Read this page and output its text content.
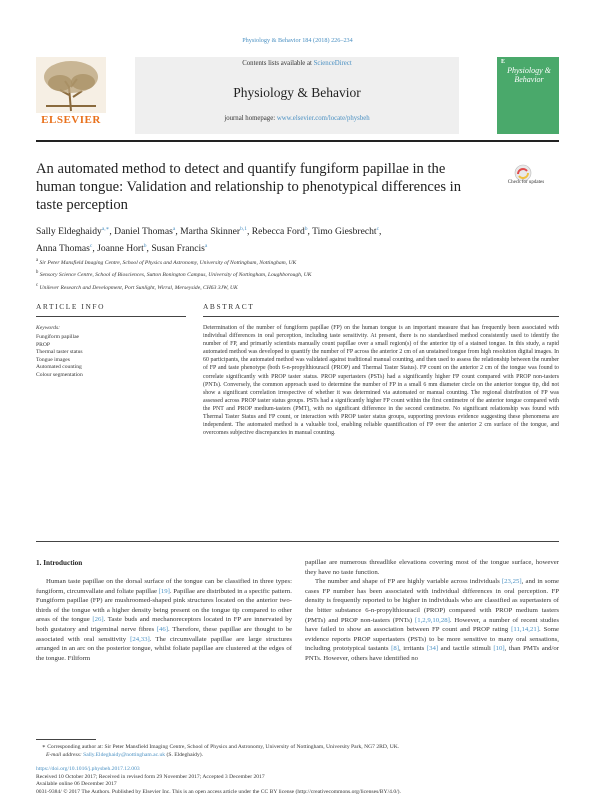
Physiology & Behavior 184 (2018) 226–234
ELSEVIER
Contents lists available at ScienceDirect
Physiology & Behavior
journal homepage: www.elsevier.com/locate/physbeh
E
Physiology & Behavior
An automated method to detect and quantify fungiform papillae in the human tongue: Validation and relationship to phenotypical differences in taste perception
Check for updates
Sally Eldeghaidy$^{a,∗}$, Daniel Thomas$^a$, Martha Skinner$^{b,1}$, Rebecca Ford$^b$, Timo Giesbrecht$^c$,
Anna Thomas$^c$, Joanne Hort$^b$, Susan Francis$^a$
$^a$ Sir Peter Mansfield Imaging Centre, School of Physics and Astronomy, University of Nottingham, Nottingham, UK
$^b$ Sensory Science Centre, School of Biosciences, Sutton Bonington Campus, University of Nottingham, Loughborough, UK
$^c$ Unilever Research and Development, Port Sunlight, Wirral, Merseyside, CH63 3JW, UK
ARTICLE INFO	ABSTRACT
Keywords:
Fungiform papillae
PROP
Thermal taster status
Tongue images
Automated counting
Colour segmentation
Determination of the number of fungiform papillae (FP) on the human tongue is an important measure that has frequently been associated with individual differences in oral perception, including taste sensitivity. At present, there is no standardised method consistently used to identify the number of FP, and primarily scientists manually count papillae over a small region(s) of the anterior tip of a stained tongue. In this study, a rapid automated method was developed to quantify the number of FP across the anterior 2 cm of an unstained tongue from high resolution digital images. In 60 participants, the automated method was validated against traditional manual counting, and then used to assess the relationship between the number of FP and taste phenotype (both 6-n-propylthiouracil (PROP) and Thermal Taster Status). FP count on the anterior 2 cm of the tongue was found to correlate significantly with PROP taster status. PROP supertasters (PSTs) had a significantly higher FP count compared with PROP non-tasters (PNTs). Conversely, the common approach used to determine the number of FP in a small 6 mm diameter circle on the anterior tongue tip, did not show a significant correlation irrespective of whether it was determined via automated or manual counting. The regional distribution of FP was assessed across PROP taster status groups. PSTs had a significantly higher FP count within the first centimetre of the anterior tongue compared with the PNT and PROP medium-tasters (PMT), with no significant difference in the second centimetre. No significant relationship was found with Thermal Taster Status and FP count, or interaction with PROP taster status groups, supporting previous evidence suggesting these phenomena are independent. The automated method is a valuable tool, enabling reliable quantification of FP over the anterior 2 cm surface of the tongue, and overcomes subjective discrepancies in manual counting.
1. Introduction
Human taste papillae on the dorsal surface of the tongue can be classified in three types: fungiform, circumvallate and foliate papillae [19]. Papillae are distributed in a specific pattern. Fungiform papillae (FP) are mushroomed-shaped pink structures located on the anterior two-thirds of the tongue with a higher density being present on the tongue tip compared to other areas of the tongue [26]. Taste buds and mechanoreceptors located in FP are innervated by both gustatory and trigeminal nerve fibres [46]. Therefore, these papillae are thought to be associated with oral sensitivity [24,33]. The circumvallate papillae are large structures arranged in an arc on the posterior tongue, whilst foliate papillae are clustered at the edges of the tongue. Filiform
papillae are numerous threadlike elevations covering most of the tongue surface, however they have no taste function.
The number and shape of FP are highly variable across individuals [23,25], and in some cases FP number has been associated with individual differences in oral perception. FP density is frequently reported to be higher in individuals who are classified as supertasters of the bitter substance 6-n-propylthiouracil (PROP) compared with PROP medium tasters (PMTs) and PROP non-tasters (PNTs) [1,2,9,10,28]. However, a number of recent studies have failed to show an association between FP count and PROP rating [11,14,21]. Some evidence reports PROP supertasters (PSTs) to be more sensitive to many oral sensations, including prototypical tastants [8], irritants [34] and tactile stimuli [10], than PMTs and/or PNTs. However, others have identified no
∗ Corresponding author at: Sir Peter Mansfield Imaging Centre, School of Physics and Astronomy, University of Nottingham, University Park, NG7 2RD, UK.
E-mail address: Sally.Eldeghaidy@nottingham.ac.uk (S. Eldeghaidy).
https://doi.org/10.1016/j.physbeh.2017.12.003
Received 10 October 2017; Received in revised form 29 November 2017; Accepted 3 December 2017
Available online 06 December 2017
0031-9384/ © 2017 The Authors. Published by Elsevier Inc. This is an open access article under the CC BY license (http://creativecommons.org/licenses/BY/4.0/).
